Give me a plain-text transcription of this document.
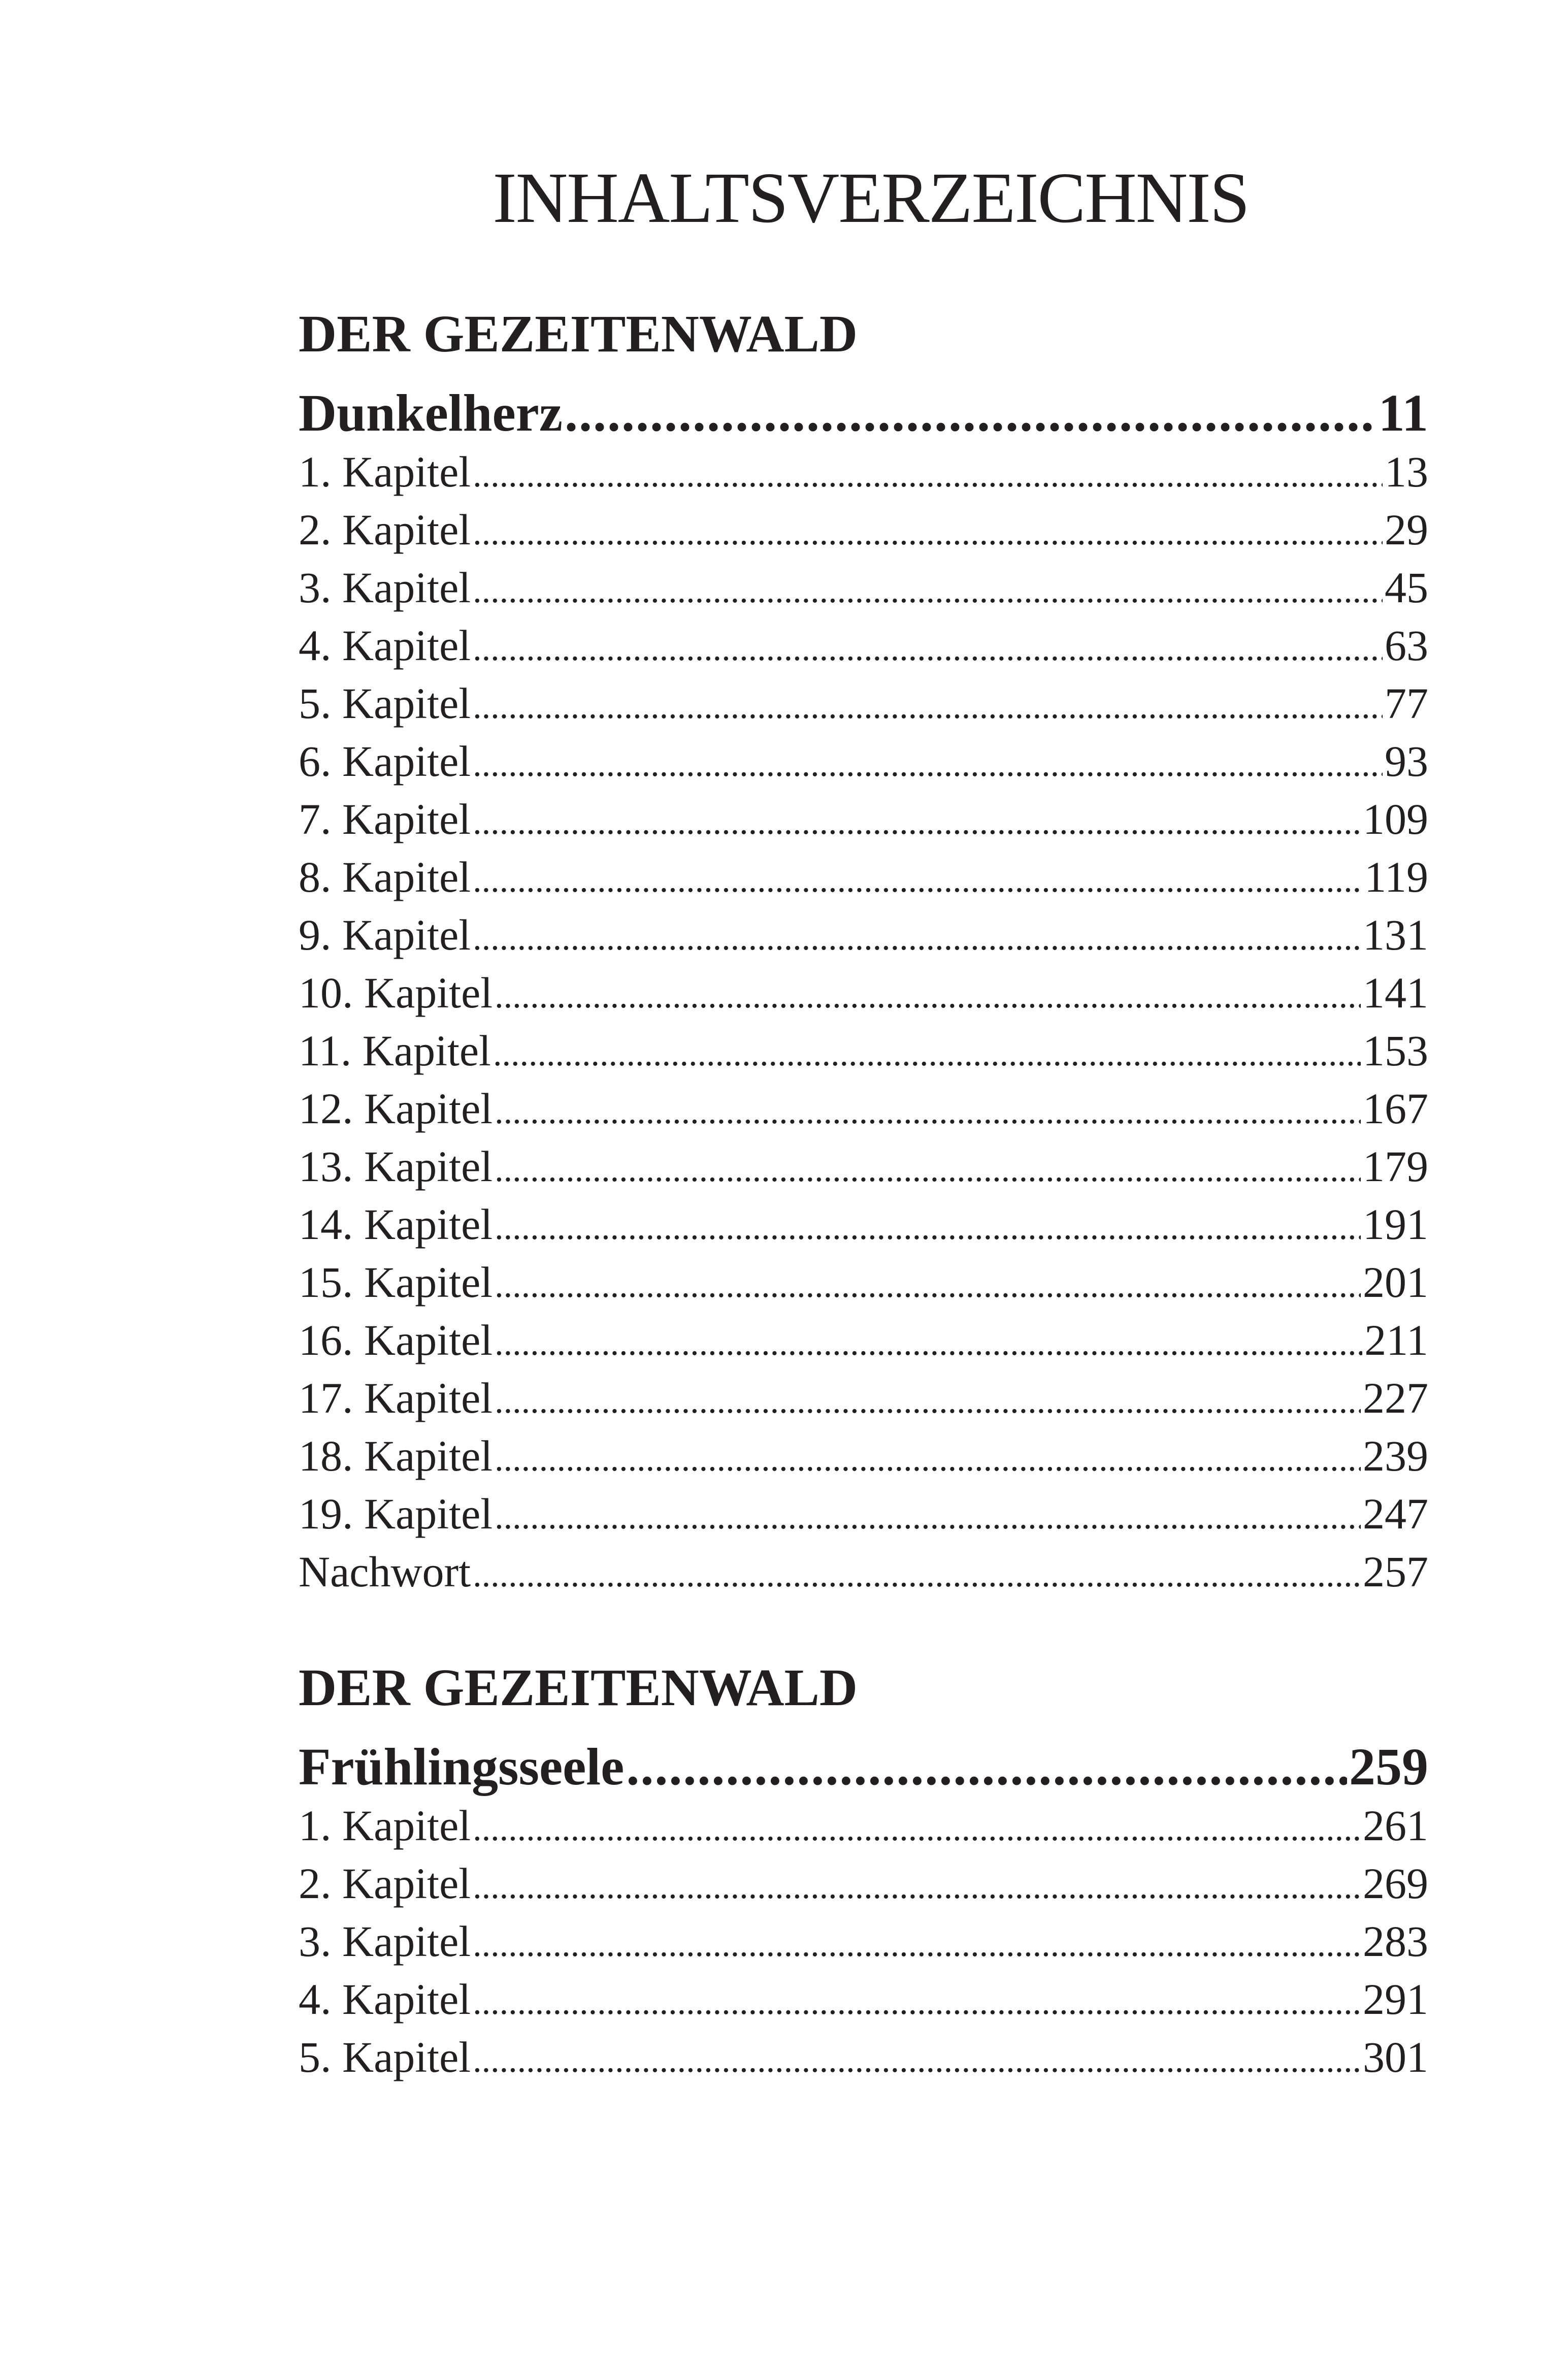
INHALTSVERZEICHNIS
DER GEZEITENWALD
Dunkelherz .....	11
1. Kapitel .....	13
2. Kapitel .....	29
3. Kapitel .....	45
4. Kapitel .....	63
5. Kapitel .....	77
6. Kapitel .....	93
7. Kapitel .....	109
8. Kapitel .....	119
9. Kapitel .....	131
10. Kapitel .....	141
11. Kapitel .....	153
12. Kapitel .....	167
13. Kapitel .....	179
14. Kapitel .....	191
15. Kapitel .....	201
16. Kapitel .....	211
17. Kapitel .....	227
18. Kapitel .....	239
19. Kapitel .....	247
Nachwort .....	257
DER GEZEITENWALD
Frühlingsseele .....	259
1. Kapitel .....	261
2. Kapitel .....	269
3. Kapitel .....	283
4. Kapitel .....	291
5. Kapitel .....	301
